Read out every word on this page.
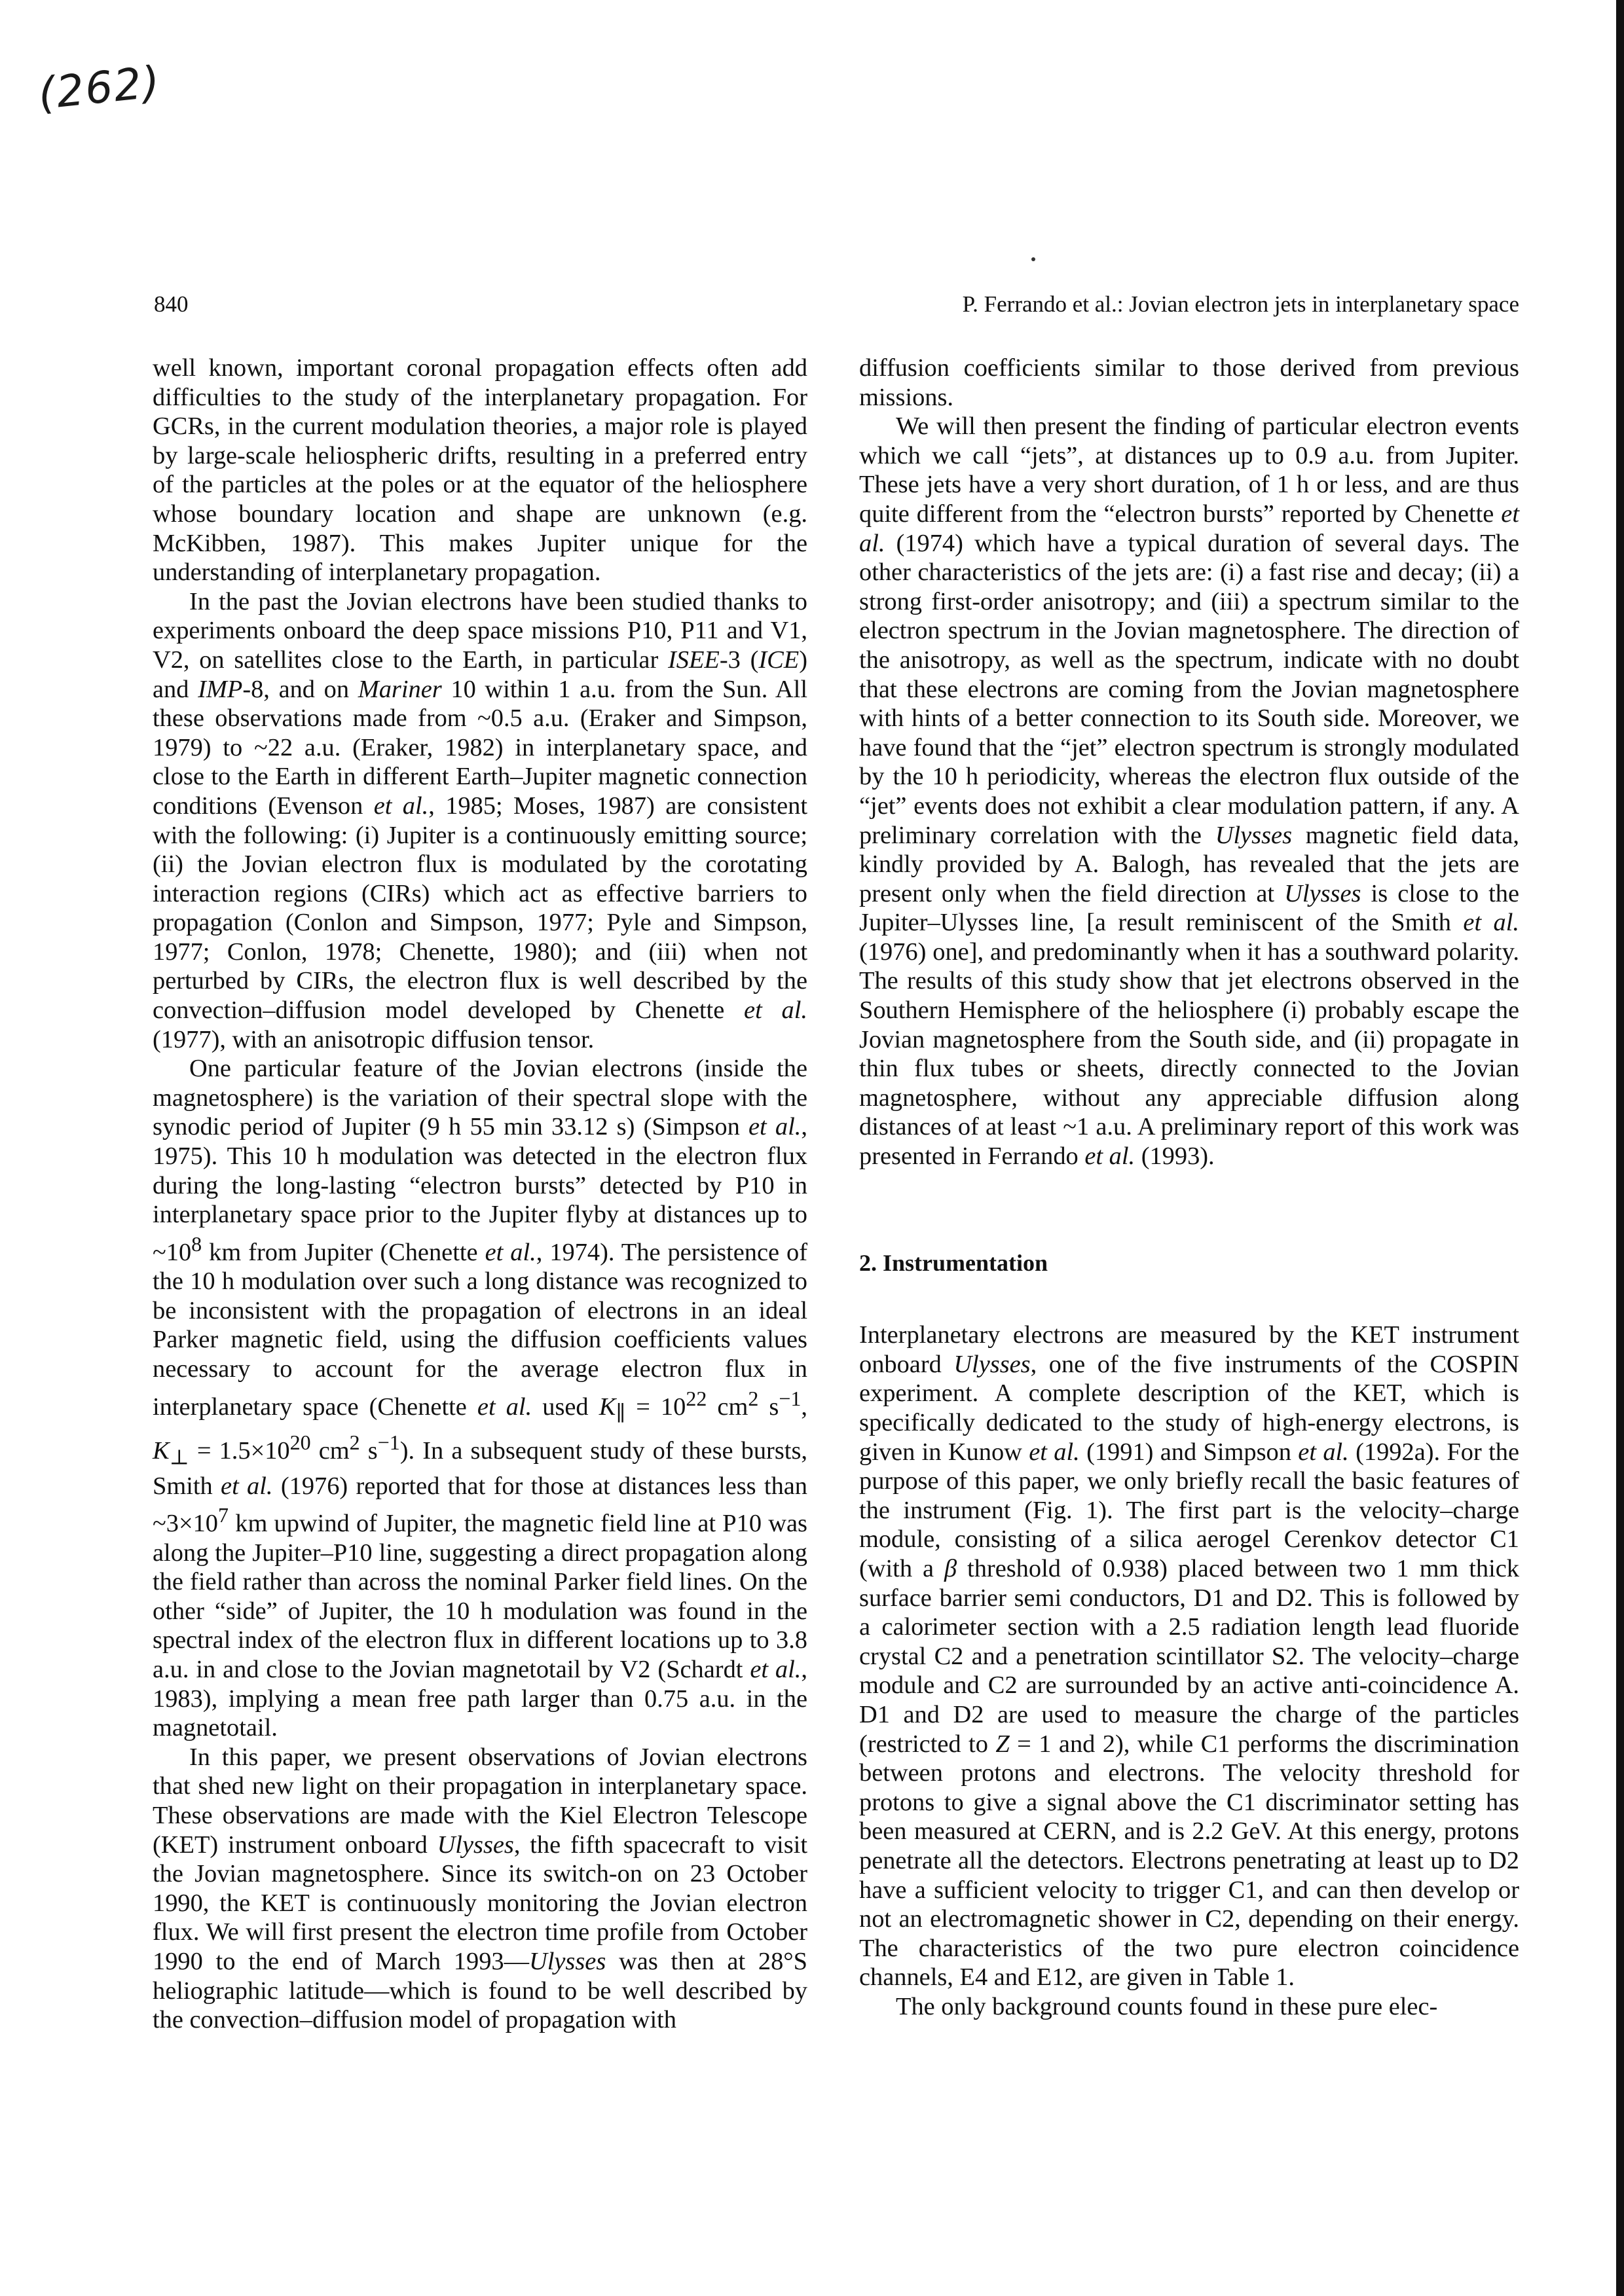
(262)
840	P. Ferrando et al.: Jovian electron jets in interplanetary space

well known, important coronal propagation effects often add difficulties to the study of the interplanetary propagation. For GCRs, in the current modulation theories, a major role is played by large-scale heliospheric drifts, resulting in a preferred entry of the particles at the poles or at the equator of the heliosphere whose boundary location and shape are unknown (e.g. McKibben, 1987). This makes Jupiter unique for the understanding of interplanetary propagation.

In the past the Jovian electrons have been studied thanks to experiments onboard the deep space missions P10, P11 and V1, V2, on satellites close to the Earth, in particular ISEE-3 (ICE) and IMP-8, and on Mariner 10 within 1 a.u. from the Sun. All these observations made from ~0.5 a.u. (Eraker and Simpson, 1979) to ~22 a.u. (Eraker, 1982) in interplanetary space, and close to the Earth in different Earth–Jupiter magnetic connection conditions (Evenson et al., 1985; Moses, 1987) are consistent with the following: (i) Jupiter is a continuously emitting source; (ii) the Jovian electron flux is modulated by the corotating interaction regions (CIRs) which act as effective barriers to propagation (Conlon and Simpson, 1977; Pyle and Simpson, 1977; Conlon, 1978; Chenette, 1980); and (iii) when not perturbed by CIRs, the electron flux is well described by the convection–diffusion model developed by Chenette et al. (1977), with an anisotropic diffusion tensor.

One particular feature of the Jovian electrons (inside the magnetosphere) is the variation of their spectral slope with the synodic period of Jupiter (9 h 55 min 33.12 s) (Simpson et al., 1975). This 10 h modulation was detected in the electron flux during the long-lasting “electron bursts” detected by P10 in interplanetary space prior to the Jupiter flyby at distances up to $\sim 10^8$ km from Jupiter (Chenette et al., 1974). The persistence of the 10 h modulation over such a long distance was recognized to be inconsistent with the propagation of electrons in an ideal Parker magnetic field, using the diffusion coefficients values necessary to account for the average electron flux in interplanetary space (Chenette et al. used $K_\parallel = 10^{22}$ $cm^2$ $s^{-1}$, $K_\perp = 1.5\times 10^{20}$ $cm^2$ $s^{-1}$). In a subsequent study of these bursts, Smith et al. (1976) reported that for those at distances less than $\sim 3\times 10^7$ km upwind of Jupiter, the magnetic field line at P10 was along the Jupiter–P10 line, suggesting a direct propagation along the field rather than across the nominal Parker field lines. On the other “side” of Jupiter, the 10 h modulation was found in the spectral index of the electron flux in different locations up to 3.8 a.u. in and close to the Jovian magnetotail by V2 (Schardt et al., 1983), implying a mean free path larger than 0.75 a.u. in the magnetotail.

In this paper, we present observations of Jovian electrons that shed new light on their propagation in interplanetary space. These observations are made with the Kiel Electron Telescope (KET) instrument onboard Ulysses, the fifth spacecraft to visit the Jovian magnetosphere. Since its switch-on on 23 October 1990, the KET is continuously monitoring the Jovian electron flux. We will first present the electron time profile from October 1990 to the end of March 1993—Ulysses was then at 28°S heliographic latitude—which is found to be well described by the convection–diffusion model of propagation with

diffusion coefficients similar to those derived from previous missions.

We will then present the finding of particular electron events which we call “jets”, at distances up to 0.9 a.u. from Jupiter. These jets have a very short duration, of 1 h or less, and are thus quite different from the “electron bursts” reported by Chenette et al. (1974) which have a typical duration of several days. The other characteristics of the jets are: (i) a fast rise and decay; (ii) a strong first-order anisotropy; and (iii) a spectrum similar to the electron spectrum in the Jovian magnetosphere. The direction of the anisotropy, as well as the spectrum, indicate with no doubt that these electrons are coming from the Jovian magnetosphere with hints of a better connection to its South side. Moreover, we have found that the “jet” electron spectrum is strongly modulated by the 10 h periodicity, whereas the electron flux outside of the “jet” events does not exhibit a clear modulation pattern, if any. A preliminary correlation with the Ulysses magnetic field data, kindly provided by A. Balogh, has revealed that the jets are present only when the field direction at Ulysses is close to the Jupiter–Ulysses line, [a result reminiscent of the Smith et al. (1976) one], and predominantly when it has a southward polarity. The results of this study show that jet electrons observed in the Southern Hemisphere of the heliosphere (i) probably escape the Jovian magnetosphere from the South side, and (ii) propagate in thin flux tubes or sheets, directly connected to the Jovian magnetosphere, without any appreciable diffusion along distances of at least ~1 a.u. A preliminary report of this work was presented in Ferrando et al. (1993).

2. Instrumentation

Interplanetary electrons are measured by the KET instrument onboard Ulysses, one of the five instruments of the COSPIN experiment. A complete description of the KET, which is specifically dedicated to the study of high-energy electrons, is given in Kunow et al. (1991) and Simpson et al. (1992a). For the purpose of this paper, we only briefly recall the basic features of the instrument (Fig. 1). The first part is the velocity–charge module, consisting of a silica aerogel Cerenkov detector C1 (with a β threshold of 0.938) placed between two 1 mm thick surface barrier semi conductors, D1 and D2. This is followed by a calorimeter section with a 2.5 radiation length lead fluoride crystal C2 and a penetration scintillator S2. The velocity–charge module and C2 are surrounded by an active anti-coincidence A. D1 and D2 are used to measure the charge of the particles (restricted to Z = 1 and 2), while C1 performs the discrimination between protons and electrons. The velocity threshold for protons to give a signal above the C1 discriminator setting has been measured at CERN, and is 2.2 GeV. At this energy, protons penetrate all the detectors. Electrons penetrating at least up to D2 have a sufficient velocity to trigger C1, and can then develop or not an electromagnetic shower in C2, depending on their energy. The characteristics of the two pure electron coincidence channels, E4 and E12, are given in Table 1.

The only background counts found in these pure elec-
